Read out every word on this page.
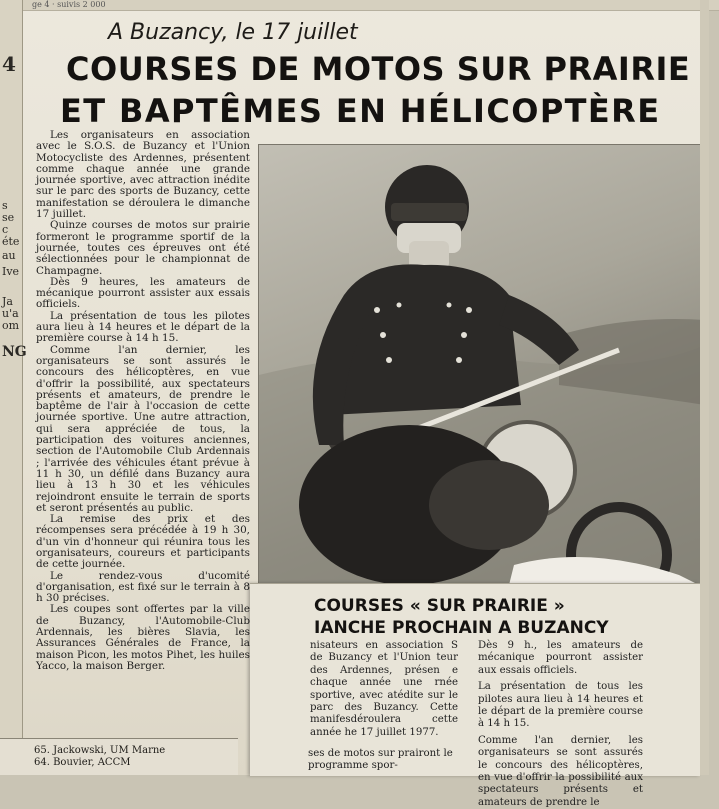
ge 4 · suivis 2 000
4
s
se
c
éte
au
Ive
Ja
u'a
om
NG
A Buzancy, le 17 juillet
COURSES DE MOTOS SUR PRAIRIE
ET BAPTÊMES EN HÉLICOPTÈRE

Les organisateurs en association avec le S.O.S. de Buzancy et l'Union Motocycliste des Ardennes, présentent comme chaque année une grande journée sportive, avec attraction inédite sur le parc des sports de Buzancy, cette manifestation se déroulera le dimanche 17 juillet.

Quinze courses de motos sur prairie formeront le programme sportif de la journée, toutes ces épreuves ont été sélectionnées pour le championnat de Champagne.

Dès 9 heures, les amateurs de mécanique pourront assister aux essais officiels.

La présentation de tous les pilotes aura lieu à 14 heures et le départ de la première course à 14 h 15.

Comme l'an dernier, les organisateurs se sont assurés le concours des hélicoptères, en vue d'offrir la possibilité, aux spectateurs présents et amateurs, de prendre le baptême de l'air à l'occasion de cette journée sportive. Une autre attraction, qui sera appréciée de tous, la participation des voitures anciennes, section de l'Automobile Club Ardennais ; l'arrivée des véhicules étant prévue à 11 h 30, un défilé dans Buzancy aura lieu à 13 h 30 et les véhicules rejoindront ensuite le terrain de sports et seront présentés au public.

La remise des prix et des récompenses sera précédée à 19 h 30, d'un vin d'honneur qui réunira tous les organisateurs, coureurs et participants de cette journée.

Le rendez-vous d'ucomité d'organisation, est fixé sur le terrain à 8 h 30 précises.

Les coupes sont offertes par la ville de Buzancy, l'Automobile-Club Ardennais, les bières Slavia, les Assurances Générales de France, la maison Picon, les motos Pihet, les huiles Yacco, la maison Berger.

COURSES « SUR PRAIRIE »
IANCHE PROCHAIN A BUZANCY

nisateurs en association S de Buzancy et l'Union teur des Ardennes, présen e chaque année une rnée sportive, avec atédite sur le parc des Buzancy. Cette manifesdéroulera cette année he 17 juillet 1977.

Dès 9 h., les amateurs de mécanique pourront assister aux essais officiels.

La présentation de tous les pilotes aura lieu à 14 heures et le départ de la première course à 14 h 15.

Comme l'an dernier, les organisateurs se sont assurés le concours des hélicoptères, en vue d'offrir la possibilité aux spectateurs présents et amateurs de prendre le

ses de motos sur prairont le programme spor-
65. Jackowski, UM Marne
64. Bouvier, ACCM
